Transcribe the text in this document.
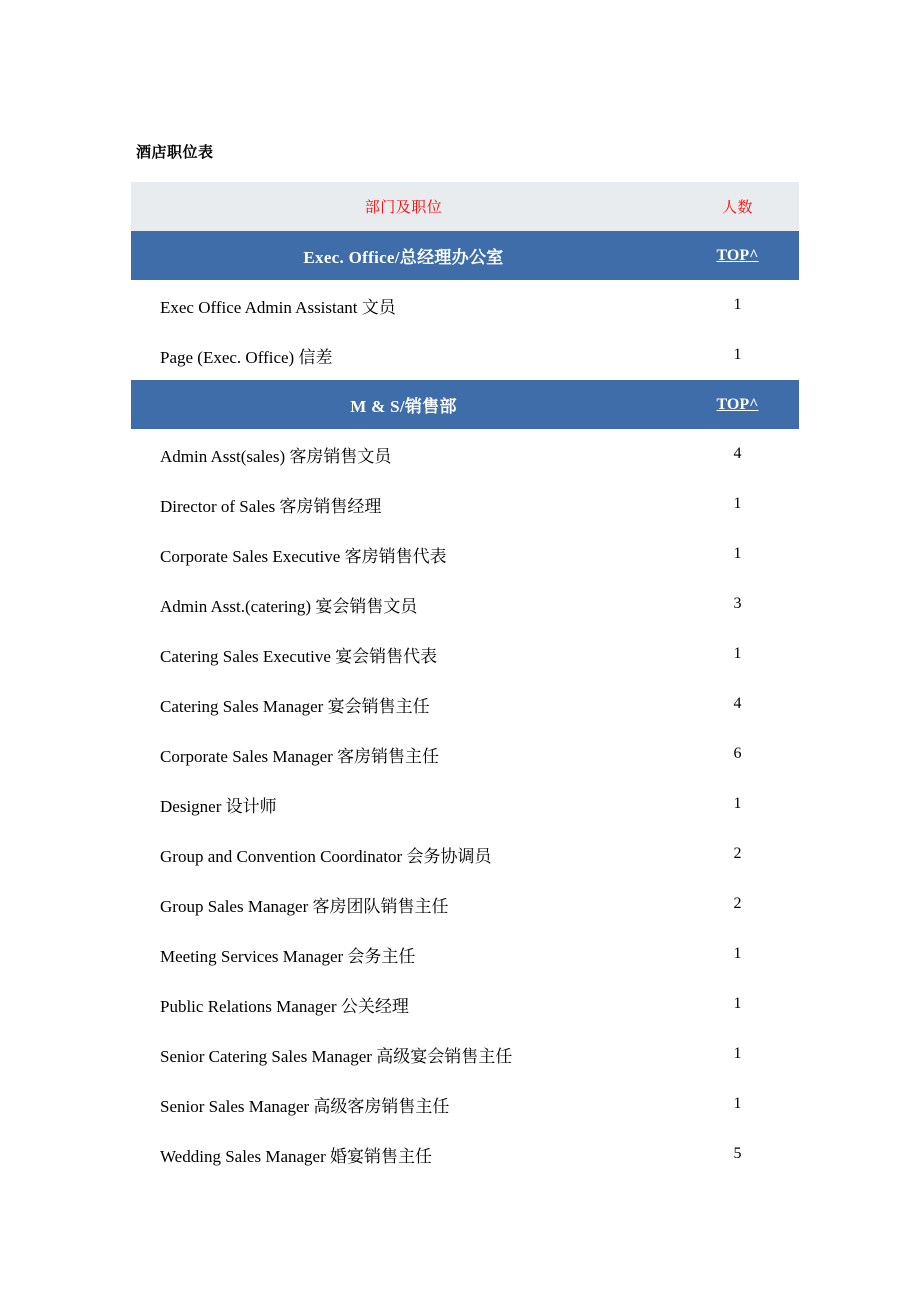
酒店职位表
部门及职位	人数
Exec. Office/总经理办公室	TOP^
Exec Office Admin Assistant 文员	1
Page (Exec. Office) 信差	1
M & S/销售部	TOP^
Admin Asst(sales) 客房销售文员	4
Director of Sales 客房销售经理	1
Corporate Sales Executive 客房销售代表	1
Admin Asst.(catering) 宴会销售文员	3
Catering Sales Executive 宴会销售代表	1
Catering Sales Manager 宴会销售主任	4
Corporate Sales Manager 客房销售主任	6
Designer 设计师	1
Group and Convention Coordinator 会务协调员	2
Group Sales Manager 客房团队销售主任	2
Meeting Services Manager 会务主任	1
Public Relations Manager 公关经理	1
Senior Catering Sales Manager 高级宴会销售主任	1
Senior Sales Manager 高级客房销售主任	1
Wedding Sales Manager 婚宴销售主任	5
